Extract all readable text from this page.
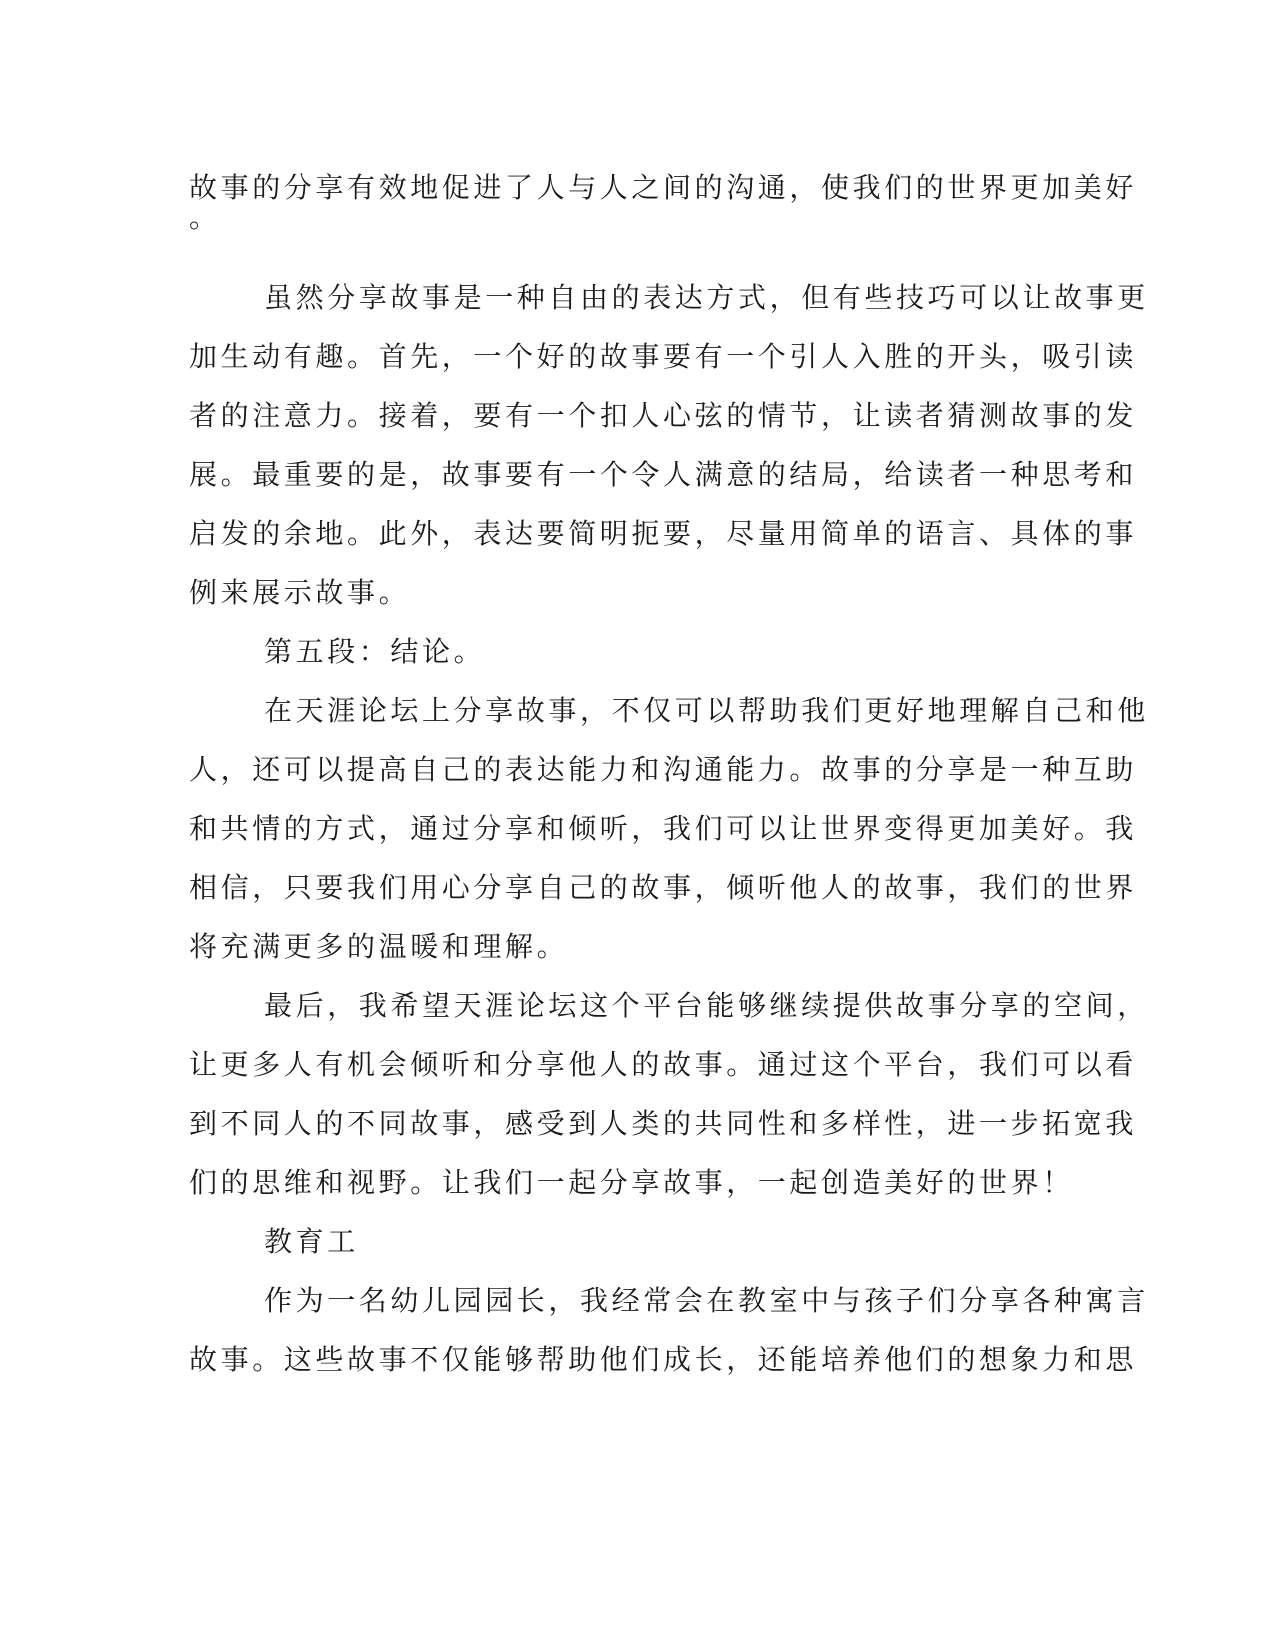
故事的分享有效地促进了人与人之间的沟通，使我们的世界更加美好
。
虽然分享故事是一种自由的表达方式，但有些技巧可以让故事更
加生动有趣。首先，一个好的故事要有一个引人入胜的开头，吸引读
者的注意力。接着，要有一个扣人心弦的情节，让读者猜测故事的发
展。最重要的是，故事要有一个令人满意的结局，给读者一种思考和
启发的余地。此外，表达要简明扼要，尽量用简单的语言、具体的事
例来展示故事。
第五段：结论。
在天涯论坛上分享故事，不仅可以帮助我们更好地理解自己和他
人，还可以提高自己的表达能力和沟通能力。故事的分享是一种互助
和共情的方式，通过分享和倾听，我们可以让世界变得更加美好。我
相信，只要我们用心分享自己的故事，倾听他人的故事，我们的世界
将充满更多的温暖和理解。
最后，我希望天涯论坛这个平台能够继续提供故事分享的空间，
让更多人有机会倾听和分享他人的故事。通过这个平台，我们可以看
到不同人的不同故事，感受到人类的共同性和多样性，进一步拓宽我
们的思维和视野。让我们一起分享故事，一起创造美好的世界！
教育工
作为一名幼儿园园长，我经常会在教室中与孩子们分享各种寓言
故事。这些故事不仅能够帮助他们成长，还能培养他们的想象力和思
